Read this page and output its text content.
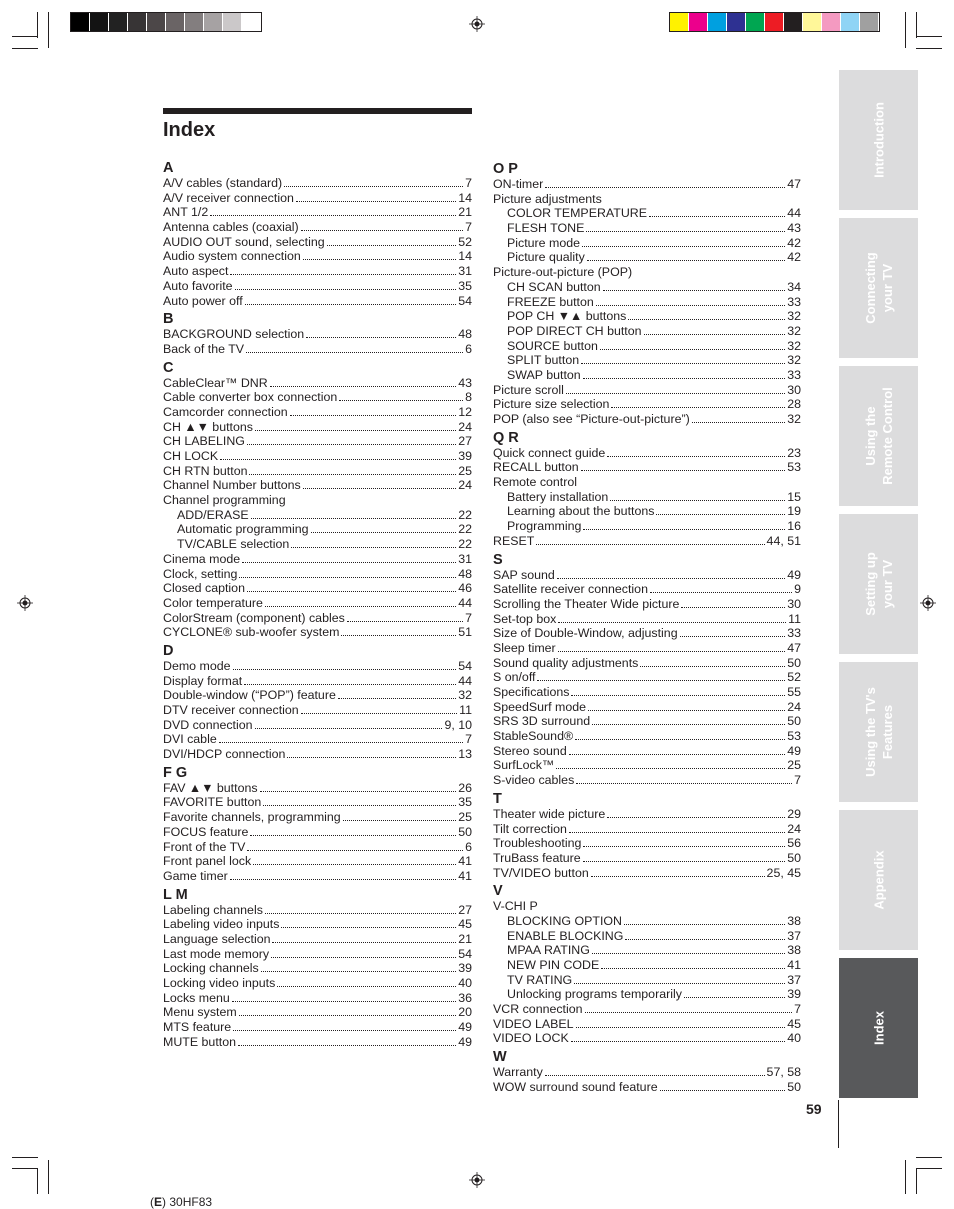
Index
A
A/V cables (standard)	7
A/V receiver connection	14
ANT 1/2	21
Antenna cables (coaxial)	7
AUDIO OUT sound, selecting	52
Audio system connection	14
Auto aspect	31
Auto favorite	35
Auto power off	54
B
BACKGROUND selection	48
Back of the TV	6
C
CableClear™ DNR	43
Cable converter box connection	8
Camcorder connection	12
CH ▲▼ buttons	24
CH LABELING	27
CH LOCK	39
CH RTN button	25
Channel Number buttons	24
Channel programming
ADD/ERASE	22
Automatic programming	22
TV/CABLE selection	22
Cinema mode	31
Clock, setting	48
Closed caption	46
Color temperature	44
ColorStream (component) cables	7
CYCLONE® sub-woofer system	51
D
Demo mode	54
Display format	44
Double-window (“POP”) feature	32
DTV receiver connection	11
DVD connection	9, 10
DVI cable	7
DVI/HDCP connection	13
F G
FAV ▲▼ buttons	26
FAVORITE button	35
Favorite channels, programming	25
FOCUS feature	50
Front of the TV	6
Front panel lock	41
Game timer	41
L M
Labeling channels	27
Labeling video inputs	45
Language selection	21
Last mode memory	54
Locking channels	39
Locking video inputs	40
Locks menu	36
Menu system	20
MTS feature	49
MUTE button	49
O P
ON-timer	47
Picture adjustments
COLOR TEMPERATURE	44
FLESH TONE	43
Picture mode	42
Picture quality	42
Picture-out-picture (POP)
CH SCAN button	34
FREEZE button	33
POP CH ▼▲ buttons	32
POP DIRECT CH button	32
SOURCE button	32
SPLIT button	32
SWAP button	33
Picture scroll	30
Picture size selection	28
POP (also see “Picture-out-picture”)	32
Q R
Quick connect guide	23
RECALL button	53
Remote control
Battery installation	15
Learning about the buttons	19
Programming	16
RESET	44, 51
S
SAP sound	49
Satellite receiver connection	9
Scrolling the Theater Wide picture	30
Set-top box	11
Size of Double-Window, adjusting	33
Sleep timer	47
Sound quality adjustments	50
S on/off	52
Specifications	55
SpeedSurf mode	24
SRS 3D surround	50
StableSound®	53
Stereo sound	49
SurfLock™	25
S-video cables	7
T
Theater wide picture	29
Tilt correction	24
Troubleshooting	56
TruBass feature	50
TV/VIDEO button	25, 45
V
V-CHI P
BLOCKING OPTION	38
ENABLE BLOCKING	37
MPAA RATING	38
NEW PIN CODE	41
TV RATING	37
Unlocking programs temporarily	39
VCR connection	7
VIDEO LABEL	45
VIDEO LOCK	40
W
Warranty	57, 58
WOW surround sound feature	50
Introduction
Connecting
your TV
Using the
Remote Control
Setting up
your TV
Using the TV's
Features
Appendix
Index
59
(E) 30HF83
